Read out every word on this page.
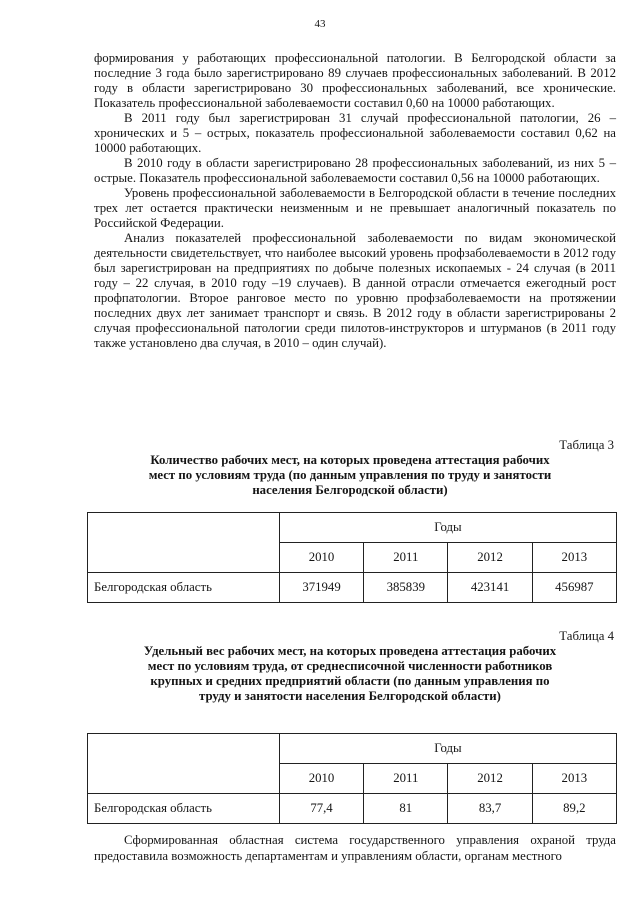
43

формирования у работающих профессиональной патологии. В Белгородской области за последние 3 года было зарегистрировано 89 случаев профессиональных заболеваний. В 2012 году в области зарегистрировано 30 профессиональных заболеваний, все хронические. Показатель профессиональной заболеваемости составил 0,60 на 10000 работающих.

В 2011 году был зарегистрирован 31 случай профессиональной патологии, 26 – хронических и 5 – острых, показатель профессиональной заболеваемости составил 0,62 на 10000 работающих.

В 2010 году в области зарегистрировано 28 профессиональных заболеваний, из них 5 – острые. Показатель профессиональной заболеваемости составил 0,56 на 10000 работающих.

Уровень профессиональной заболеваемости в Белгородской области в течение последних трех лет остается практически неизменным и не превышает аналогичный показатель по Российской Федерации.

Анализ показателей профессиональной заболеваемости по видам экономической деятельности свидетельствует, что наиболее высокий уровень профзаболеваемости в 2012 году был зарегистрирован на предприятиях по добыче полезных ископаемых - 24 случая (в 2011 году – 22 случая, в 2010 году –19 случаев). В данной отрасли отмечается ежегодный рост профпатологии. Второе ранговое место по уровню профзаболеваемости на протяжении последних двух лет занимает транспорт и связь. В 2012 году в области зарегистрированы 2 случая профессиональной патологии среди пилотов-инструкторов и штурманов (в 2011 году также установлено два случая, в 2010 – один случай).

Таблица 3
Количество рабочих мест, на которых проведена аттестация рабочих мест по условиям труда (по данным управления по труду и занятости населения Белгородской области)
	Годы			
	2010	2011	2012	2013
Белгородская область	371949	385839	423141	456987
Таблица 4
Удельный вес рабочих мест, на которых проведена аттестация рабочих мест по условиям труда, от среднесписочной численности работников крупных и средних предприятий области (по данным управления по труду и занятости населения Белгородской области)
	Годы			
	2010	2011	2012	2013
Белгородская область	77,4	81	83,7	89,2

Сформированная областная система государственного управления охраной труда предоставила возможность департаментам и управлениям области, органам местного
